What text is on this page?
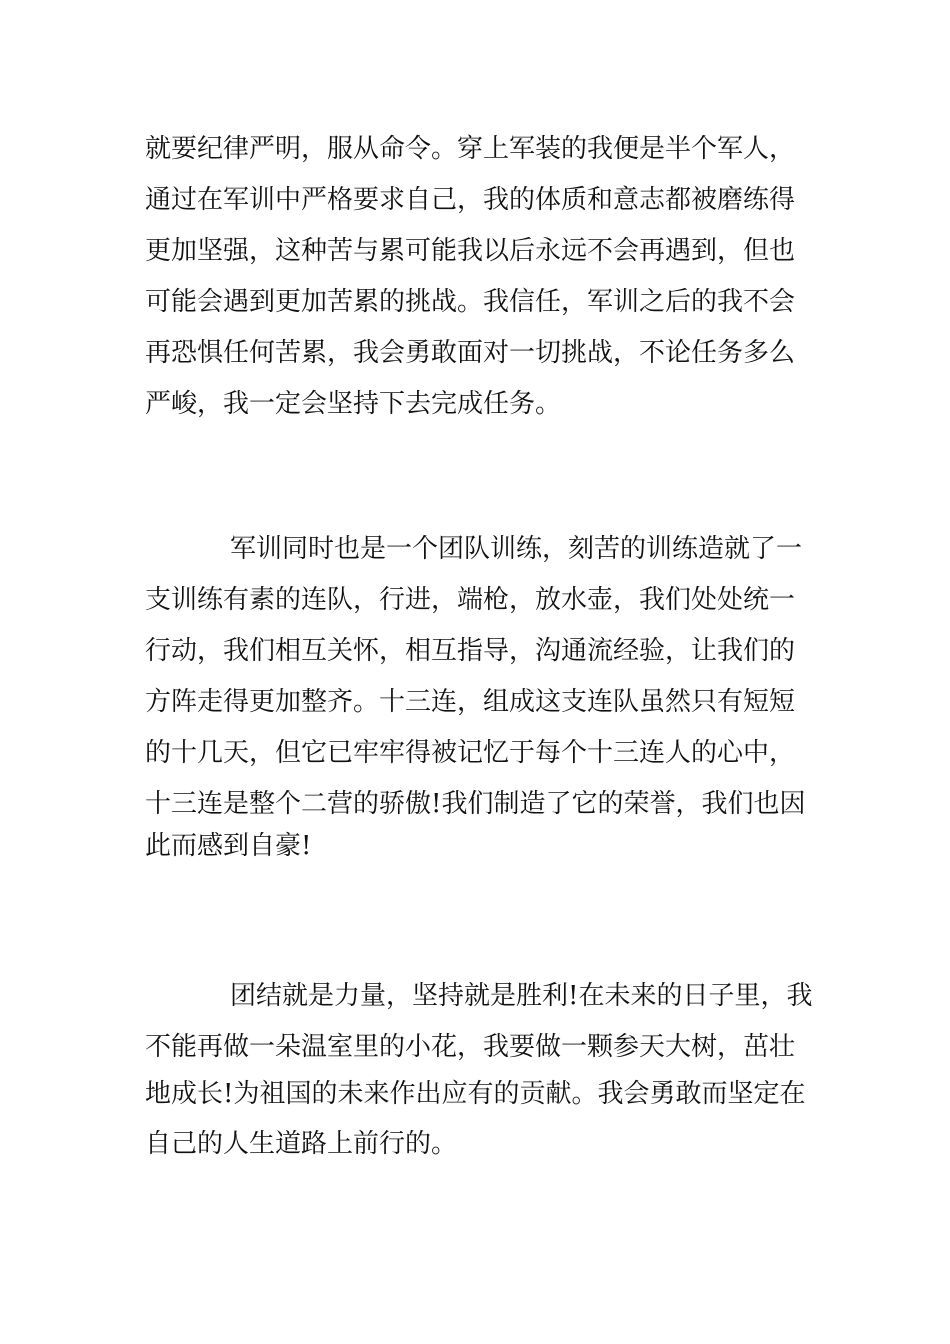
就要纪律严明，服从命令。穿上军装的我便是半个军人，
通过在军训中严格要求自己，我的体质和意志都被磨练得
更加坚强，这种苦与累可能我以后永远不会再遇到，但也
可能会遇到更加苦累的挑战。我信任，军训之后的我不会
再恐惧任何苦累，我会勇敢面对一切挑战，不论任务多么
严峻，我一定会坚持下去完成任务。
军训同时也是一个团队训练，刻苦的训练造就了一
支训练有素的连队，行进，端枪，放水壶，我们处处统一
行动，我们相互关怀，相互指导，沟通流经验，让我们的
方阵走得更加整齐。十三连，组成这支连队虽然只有短短
的十几天，但它已牢牢得被记忆于每个十三连人的心中，
十三连是整个二营的骄傲!我们制造了它的荣誉，我们也因
此而感到自豪!
团结就是力量，坚持就是胜利!在未来的日子里，我
不能再做一朵温室里的小花，我要做一颗参天大树，茁壮
地成长!为祖国的未来作出应有的贡献。我会勇敢而坚定在
自己的人生道路上前行的。
